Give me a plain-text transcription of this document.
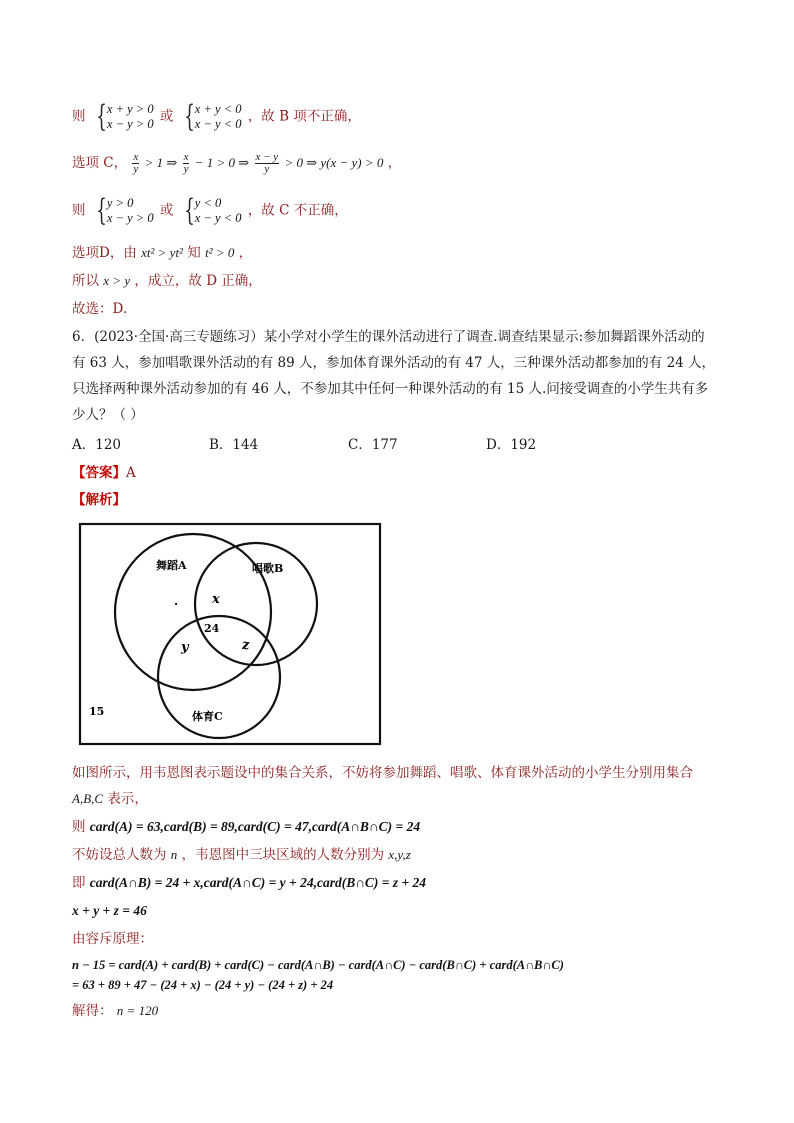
则 { x + y > 0
x − y > 0 或 { x + y < 0
x − y < 0 ，故 B 项不正确，
选项 C， $\frac{x}{y} > 1$ ⇒ $\frac{x}{y} - 1 > 0$ ⇒ $\frac{x - y}{y} > 0$ ⇒ y(x − y) > 0 ，
则 { y > 0
x − y > 0 或 { y < 0
x − y < 0 ，故 C 不正确，
选项D，由 xt² > yt² 知 t² > 0 ，
所以 x > y ，成立，故 D 正确，
故选：D.
6．(2023·全国·高三专题练习）某小学对小学生的课外活动进行了调查.调查结果显示:参加舞蹈课外活动的
有 63 人，参加唱歌课外活动的有 89 人，参加体育课外活动的有 47 人，三种课外活动都参加的有 24 人，
只选择两种课外活动参加的有 46 人，不参加其中任何一种课外活动的有 15 人.问接受调查的小学生共有多
少人？（ ）
A．120	B．144	C．177	D．192
【答案】A
【解析】
舞蹈A	唱歌B
体育C
.	x
24
y	z
15
如图所示，用韦恩图表示题设中的集合关系，不妨将参加舞蹈、唱歌、体育课外活动的小学生分别用集合
A,B,C 表示，
则 card(A) = 63,card(B) = 89,card(C) = 47,card(A∩B∩C) = 24
不妨设总人数为 n ，韦恩图中三块区域的人数分别为 x,y,z
即 card(A∩B) = 24 + x,card(A∩C) = y + 24,card(B∩C) = z + 24
x + y + z = 46
由容斥原理：
n − 15 = card(A) + card(B) + card(C) − card(A∩B) − card(A∩C) − card(B∩C) + card(A∩B∩C)
= 63 + 89 + 47 − (24 + x) − (24 + y) − (24 + z) + 24
解得： n = 120
